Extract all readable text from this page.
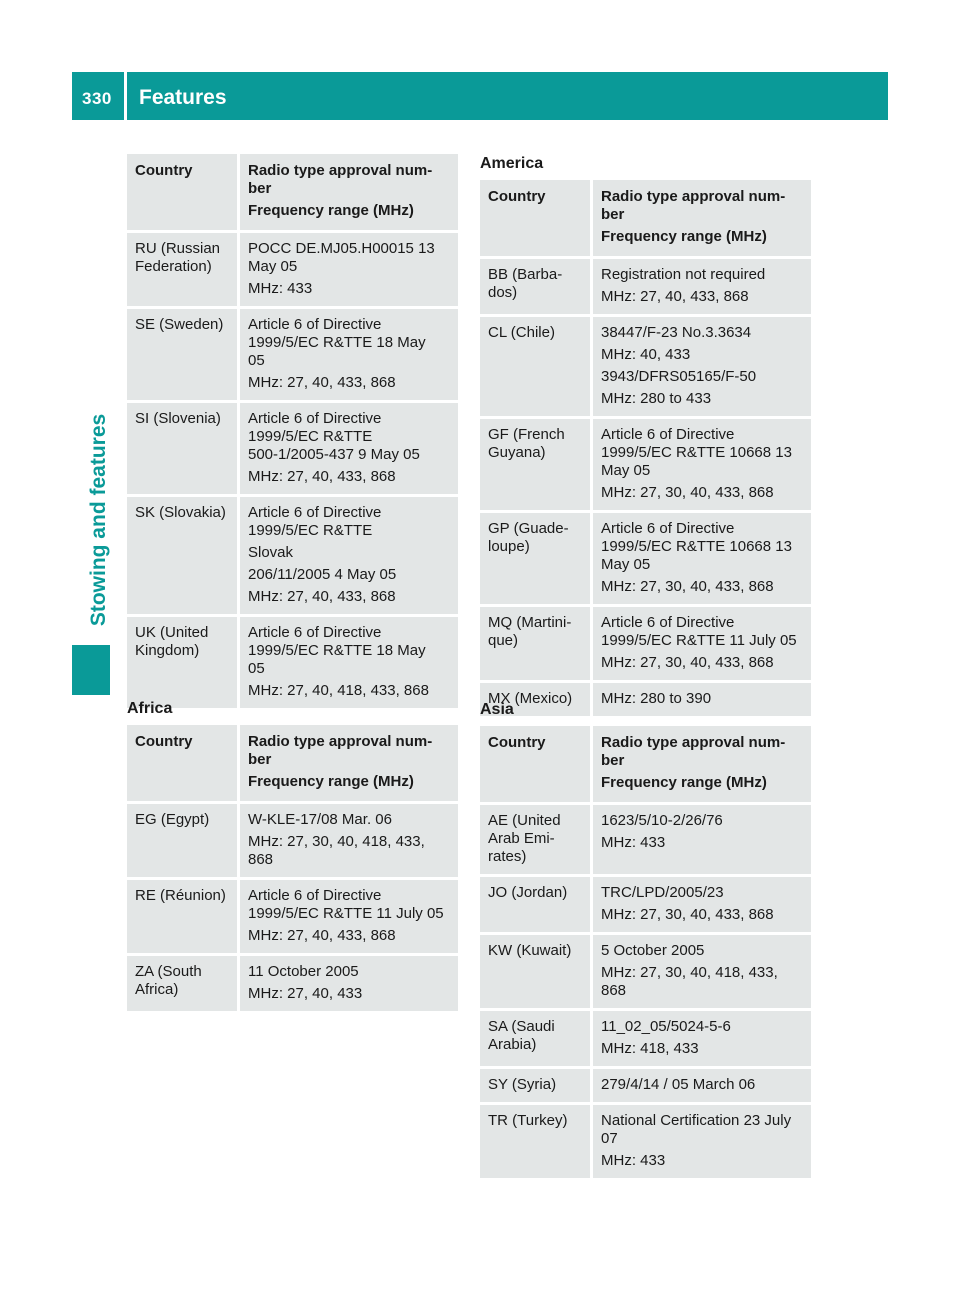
330 Features
Stowing and features
Country	Radio type approval num-
ber
Frequency range (MHz)

RU (Russian
Federation)	POCC DE.MJ05.H00015 13
May 05
MHz: 433

SE (Sweden)	Article 6 of Directive
1999/5/EC R&TTE 18 May
05
MHz: 27, 40, 433, 868

SI (Slovenia)	Article 6 of Directive
1999/5/EC R&TTE
500-1/2005-437 9 May 05
MHz: 27, 40, 433, 868

SK (Slovakia)	Article 6 of Directive
1999/5/EC R&TTE
Slovak
206/11/2005 4 May 05
MHz: 27, 40, 433, 868

UK (United
Kingdom)	Article 6 of Directive
1999/5/EC R&TTE 18 May
05
MHz: 27, 40, 418, 433, 868
Africa
Country	Radio type approval num-
ber
Frequency range (MHz)

EG (Egypt)	W-KLE-17/08 Mar. 06
MHz: 27, 30, 40, 418, 433,
868

RE (Réunion)	Article 6 of Directive
1999/5/EC R&TTE 11 July 05
MHz: 27, 40, 433, 868

ZA (South
Africa)	11 October 2005
MHz: 27, 40, 433
America
Country	Radio type approval num-
ber
Frequency range (MHz)

BB (Barba-
dos)	Registration not required
MHz: 27, 40, 433, 868

CL (Chile)	38447/F-23 No.3.3634
MHz: 40, 433
3943/DFRS05165/F-50
MHz: 280 to 433

GF (French
Guyana)	Article 6 of Directive
1999/5/EC R&TTE 10668 13
May 05
MHz: 27, 30, 40, 433, 868

GP (Guade-
loupe)	Article 6 of Directive
1999/5/EC R&TTE 10668 13
May 05
MHz: 27, 30, 40, 433, 868

MQ (Martini-
que)	Article 6 of Directive
1999/5/EC R&TTE 11 July 05
MHz: 27, 30, 40, 433, 868

MX (Mexico)	MHz: 280 to 390
Asia
Country	Radio type approval num-
ber
Frequency range (MHz)

AE (United
Arab Emi-
rates)	1623/5/10-2/26/76
MHz: 433

JO (Jordan)	TRC/LPD/2005/23
MHz: 27, 30, 40, 433, 868

KW (Kuwait)	5 October 2005
MHz: 27, 30, 40, 418, 433,
868

SA (Saudi
Arabia)	11_02_05/5024-5-6
MHz: 418, 433

SY (Syria)	279/4/14 / 05 March 06

TR (Turkey)	National Certification 23 July
07
MHz: 433
